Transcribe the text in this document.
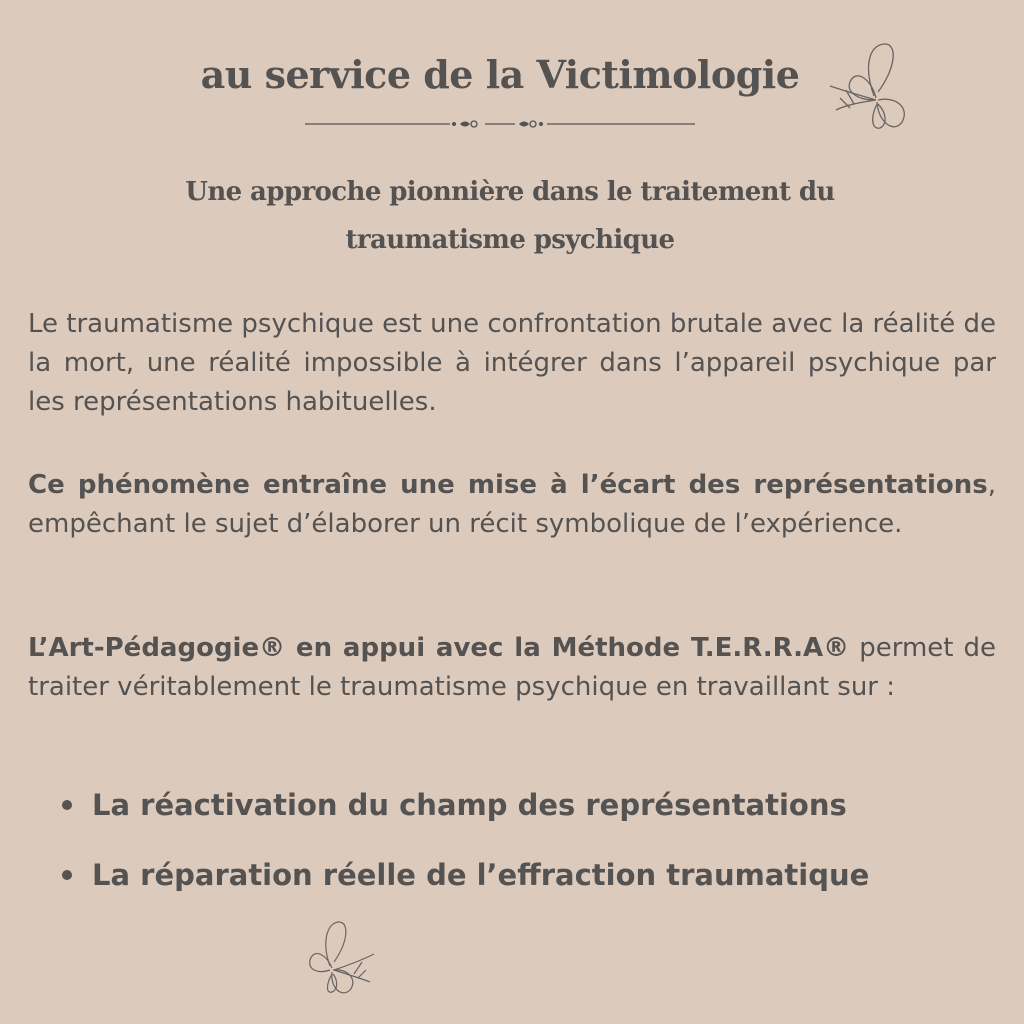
au service de la Victimologie
Une approche pionnière dans le traitement du
traumatisme psychique

Le traumatisme psychique est une confrontation brutale avec la réalité de la mort, une réalité impossible à intégrer dans l’appareil psychique par les représentations habituelles.

Ce phénomène entraîne une mise à l’écart des représentations, empêchant le sujet d’élaborer un récit symbolique de l’expérience.

L’Art-Pédagogie® en appui avec la Méthode T.E.R.R.A® permet de traiter véritablement le traumatisme psychique en travaillant sur :

La réactivation du champ des représentations
La réparation réelle de l’effraction traumatique
